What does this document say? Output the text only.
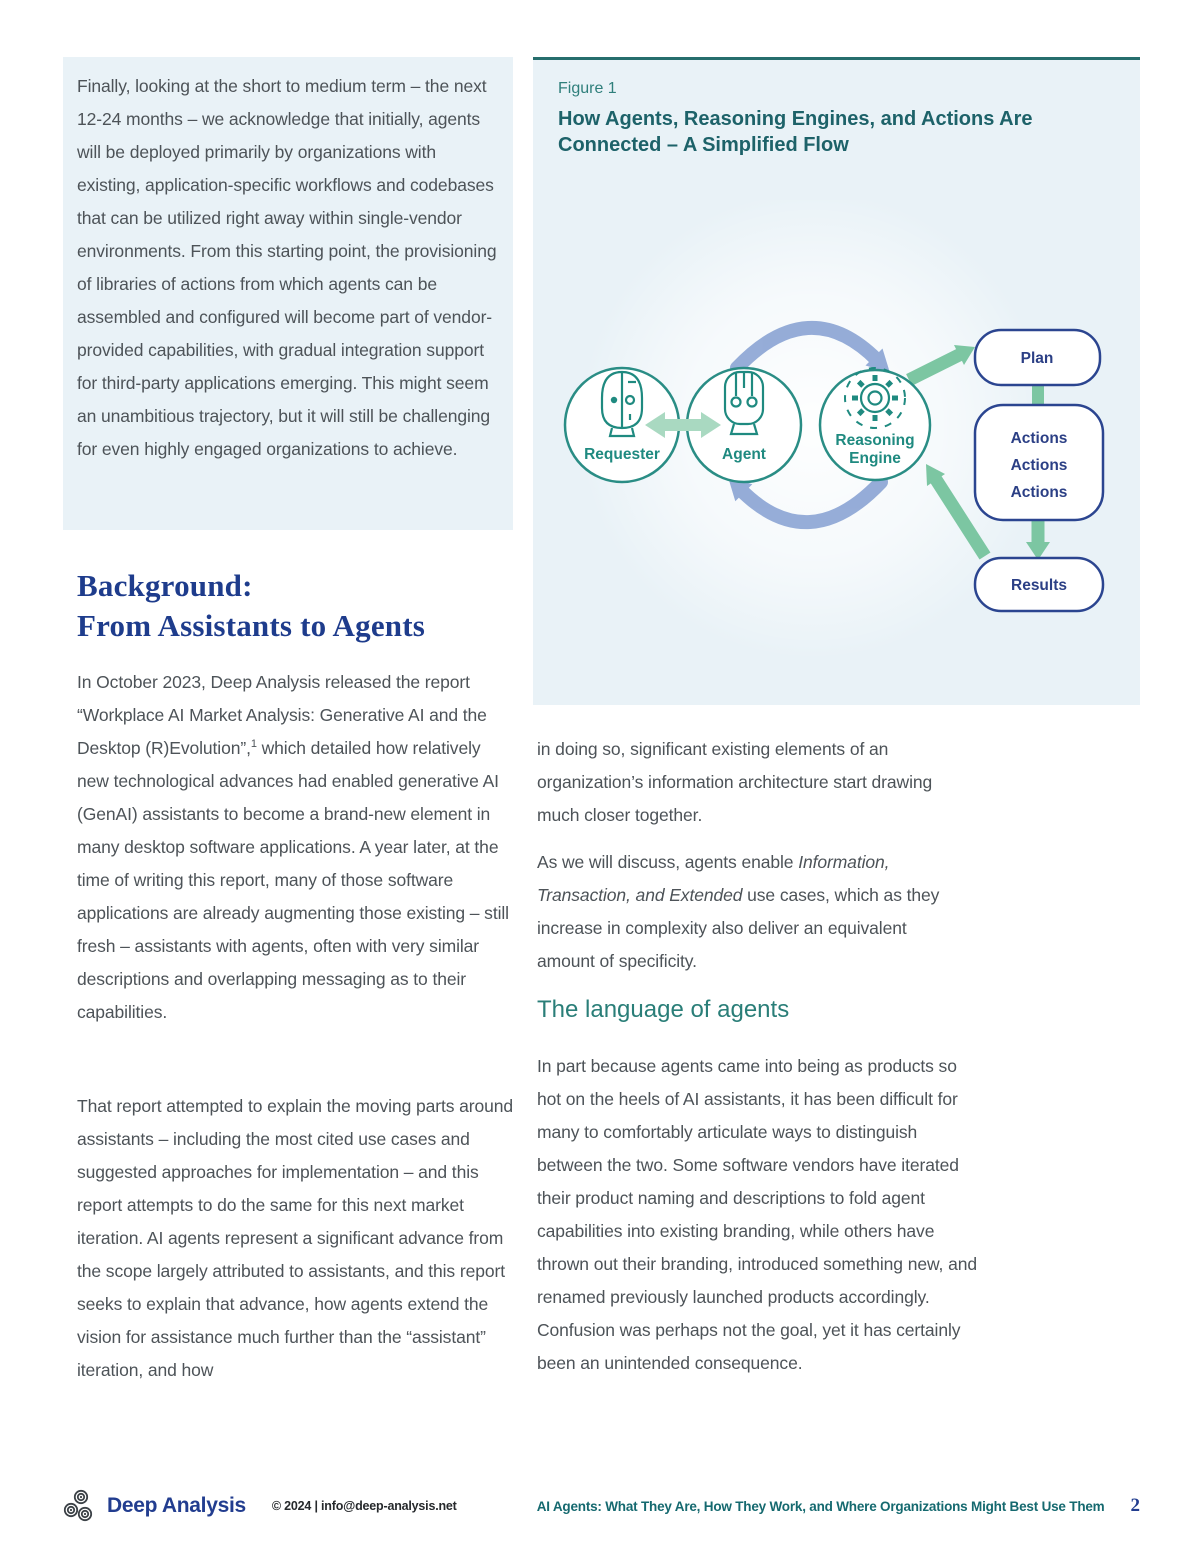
Finally, looking at the short to medium term – the next 12-24 months – we acknowledge that initially, agents will be deployed primarily by organizations with existing, application-specific workflows and codebases that can be utilized right away within single-vendor environments. From this starting point, the provisioning of libraries of actions from which agents can be assembled and configured will become part of vendor-provided capabilities, with gradual integration support for third-party applications emerging. This might seem an unambitious trajectory, but it will still be challenging for even highly engaged organizations to achieve.

Background:
From Assistants to Agents

In October 2023, Deep Analysis released the report “Workplace AI Market Analysis: Generative AI and the Desktop (R)Evolution”,$^1$ which detailed how relatively new technological advances had enabled generative AI (GenAI) assistants to become a brand-new element in many desktop software applications. A year later, at the time of writing this report, many of those software applications are already augmenting those existing – still fresh – assistants with agents, often with very similar descriptions and overlapping messaging as to their capabilities.

That report attempted to explain the moving parts around assistants – including the most cited use cases and suggested approaches for implementation – and this report attempts to do the same for this next market iteration. AI agents represent a significant advance from the scope largely attributed to assistants, and this report seeks to explain that advance, how agents extend the vision for assistance much further than the “assistant” iteration, and how

Figure 1
How Agents, Reasoning Engines, and Actions Are Connected – A Simplified Flow
Requester	Agent
Reasoning
Engine
Plan
Actions
Actions
Actions
Results

in doing so, significant existing elements of an organization’s information architecture start drawing much closer together.

As we will discuss, agents enable Information, Transaction, and Extended use cases, which as they increase in complexity also deliver an equivalent amount of specificity.

The language of agents

In part because agents came into being as products so hot on the heels of AI assistants, it has been difficult for many to comfortably articulate ways to distinguish between the two. Some software vendors have iterated their product naming and descriptions to fold agent capabilities into existing branding, while others have thrown out their branding, introduced something new, and renamed previously launched products accordingly. Confusion was perhaps not the goal, yet it has certainly been an unintended consequence.

Deep Analysis © 2024 | info@deep-analysis.net	AI Agents: What They Are, How They Work, and Where Organizations Might Best Use Them 2
